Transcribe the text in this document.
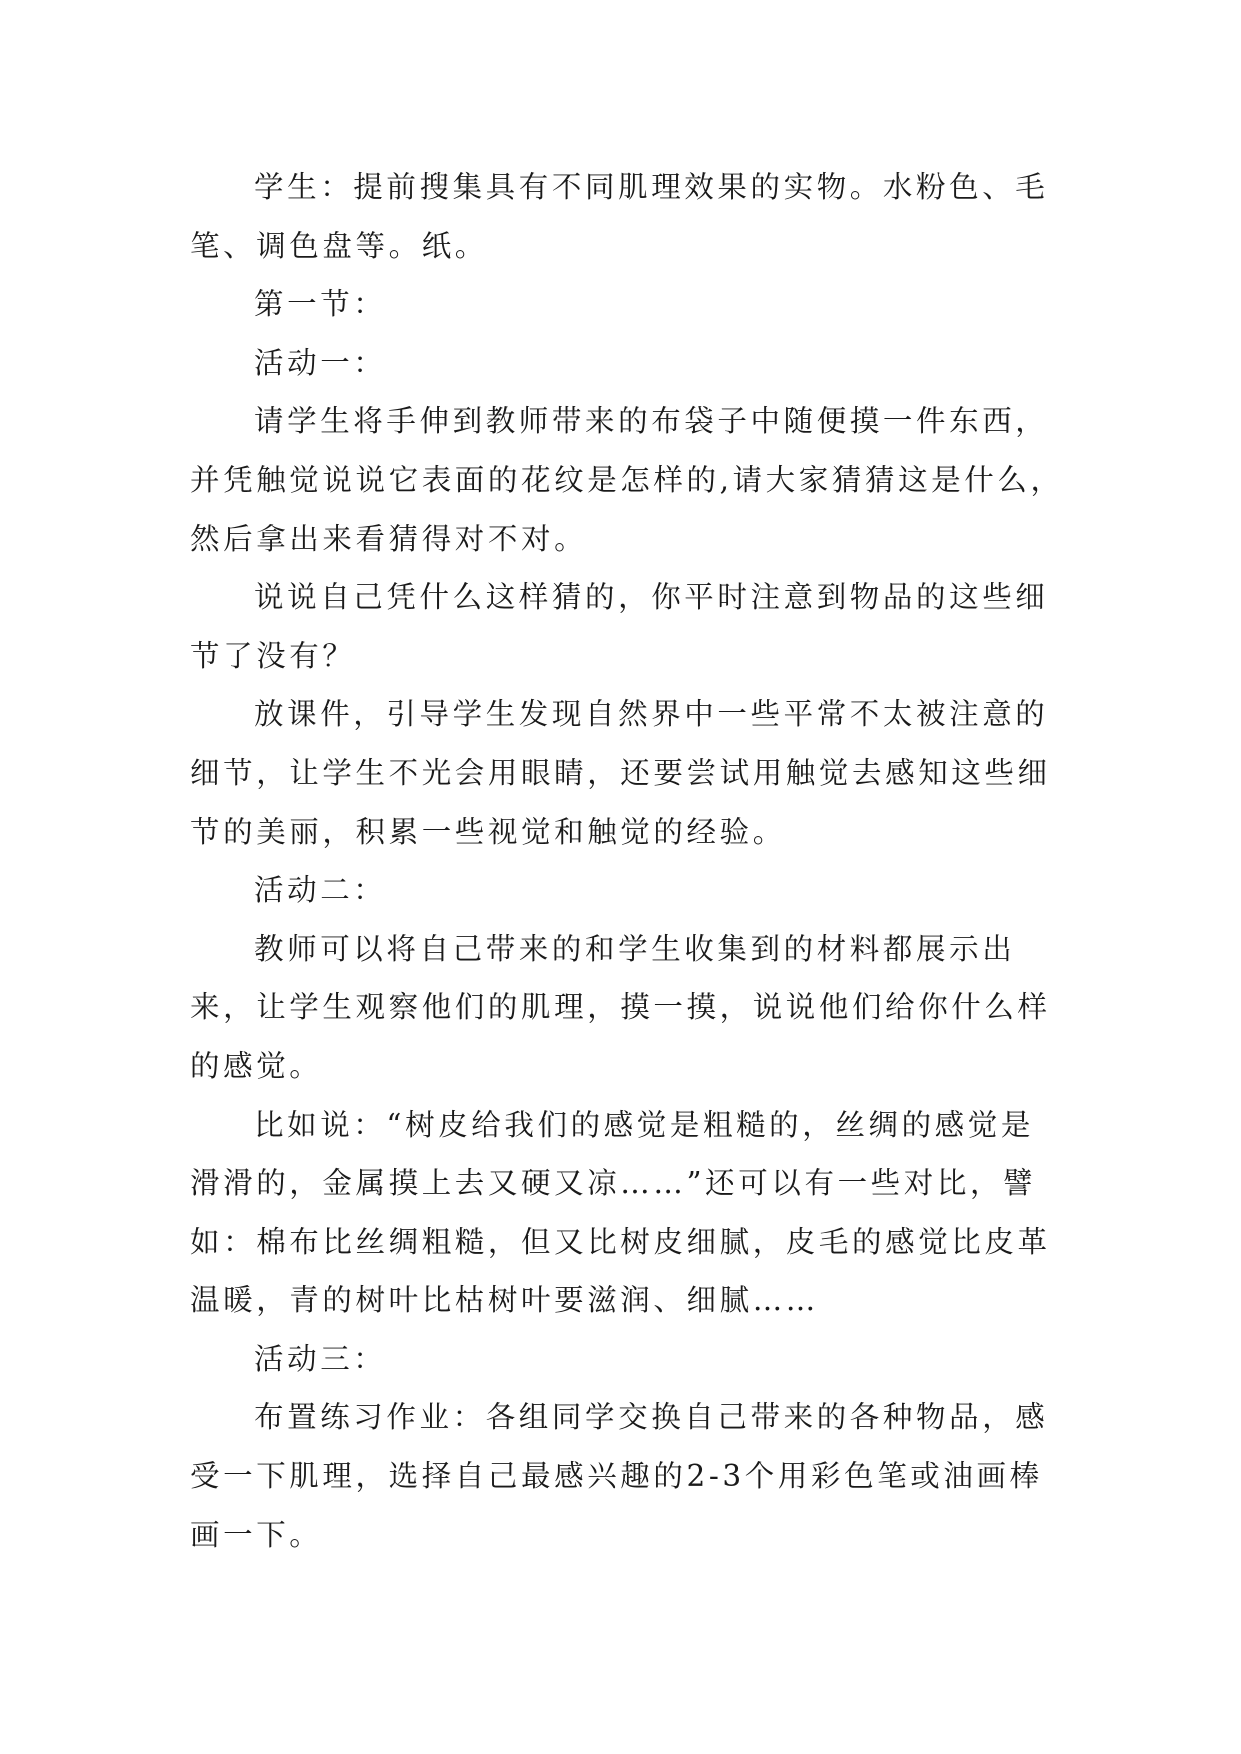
学生：提前搜集具有不同肌理效果的实物。水粉色、毛
笔、调色盘等。纸。

第一节：

活动一：

请学生将手伸到教师带来的布袋子中随便摸一件东西，
并凭触觉说说它表面的花纹是怎样的,请大家猜猜这是什么，
然后拿出来看猜得对不对。

说说自己凭什么这样猜的，你平时注意到物品的这些细
节了没有？

放课件，引导学生发现自然界中一些平常不太被注意的
细节，让学生不光会用眼睛，还要尝试用触觉去感知这些细
节的美丽，积累一些视觉和触觉的经验。

活动二：

教师可以将自己带来的和学生收集到的材料都展示出
来，让学生观察他们的肌理，摸一摸，说说他们给你什么样
的感觉。

比如说：“树皮给我们的感觉是粗糙的，丝绸的感觉是
滑滑的，金属摸上去又硬又凉……”还可以有一些对比，譬
如：棉布比丝绸粗糙，但又比树皮细腻，皮毛的感觉比皮革
温暖，青的树叶比枯树叶要滋润、细腻……

活动三：

布置练习作业：各组同学交换自己带来的各种物品，感
受一下肌理，选择自己最感兴趣的2-3个用彩色笔或油画棒
画一下。
